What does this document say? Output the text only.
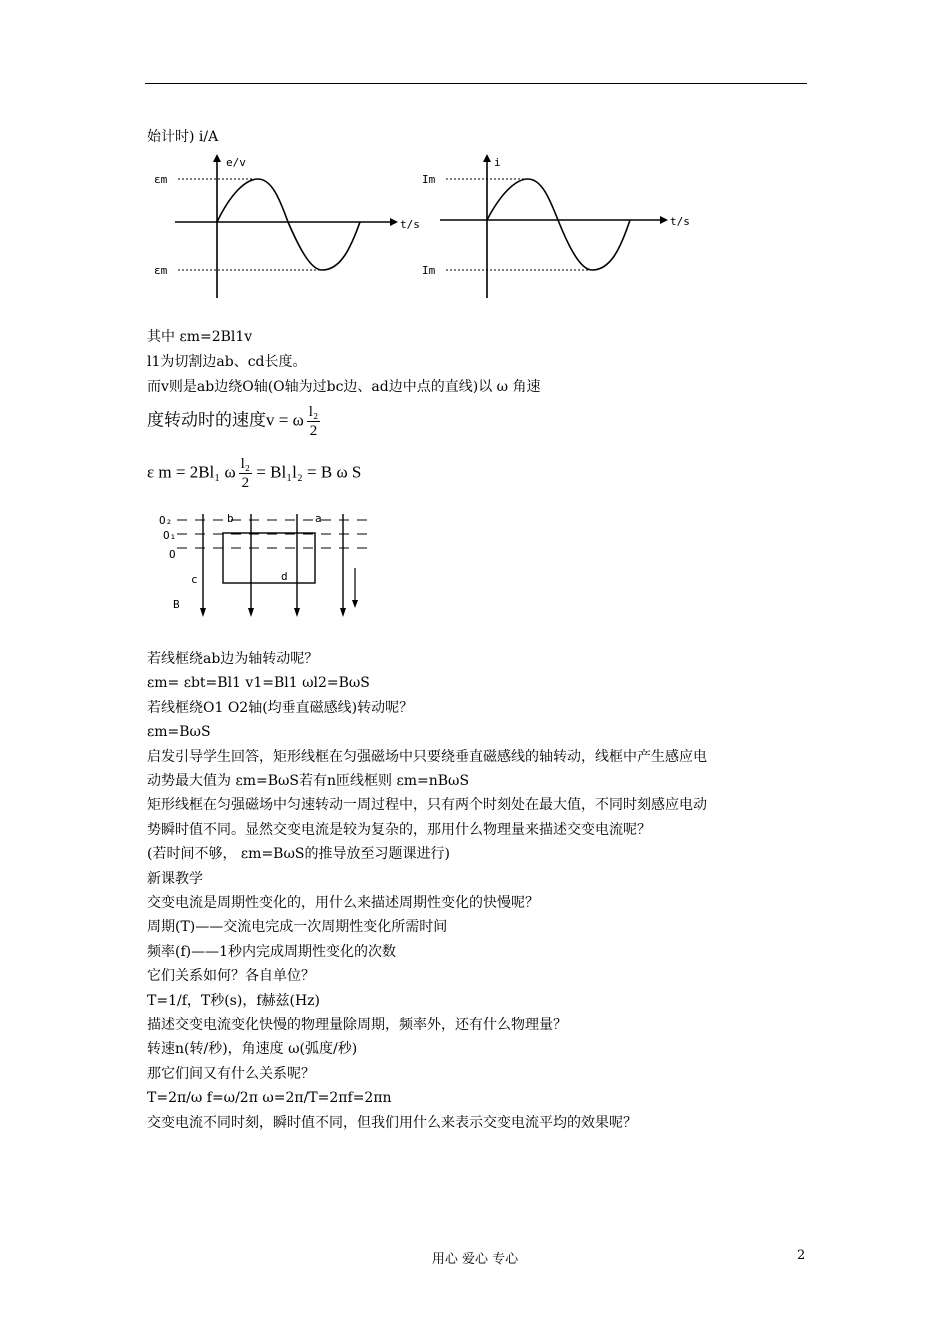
始计时) i/A
εm
εm
e/v
t/s
Im
Im
i
t/s
其中 εm=2Bl1v
l1为切割边ab、cd长度。
而v则是ab边绕O轴(O轴为过bc边、ad边中点的直线)以 ω 角速
度转动时的速度v = ω $\frac{\text{l₂}}{2}$
ε m = 2Bl₁ ω $\frac{\text{l₂}}{2} = Bl_1l_2 = B$ ω S
O₂
O₁
O
b	a
c	d
B
若线框绕ab边为轴转动呢？
εm= εbt=Bl1 v1=Bl1 ωl2=BωS
若线框绕O1 O2轴(均垂直磁感线)转动呢？
εm=BωS
启发引导学生回答，矩形线框在匀强磁场中只要绕垂直磁感线的轴转动，线框中产生感应电
动势最大值为 εm=BωS若有n匝线框则 εm=nBωS
矩形线框在匀强磁场中匀速转动一周过程中，只有两个时刻处在最大值，不同时刻感应电动
势瞬时值不同。显然交变电流是较为复杂的，那用什么物理量来描述交变电流呢？
(若时间不够， εm=BωS的推导放至习题课进行)
新课教学
交变电流是周期性变化的，用什么来描述周期性变化的快慢呢？
周期(T)——交流电完成一次周期性变化所需时间
频率(f)——1秒内完成周期性变化的次数
它们关系如何？各自单位？
T=1/f，T秒(s)，f赫兹(Hz)
描述交变电流变化快慢的物理量除周期，频率外，还有什么物理量？
转速n(转/秒)，角速度 ω(弧度/秒)
那它们间又有什么关系呢？
T=2π/ω f=ω/2π ω=2π/T=2πf=2πn
交变电流不同时刻，瞬时值不同，但我们用什么来表示交变电流平均的效果呢？
用心 爱心 专心	2
